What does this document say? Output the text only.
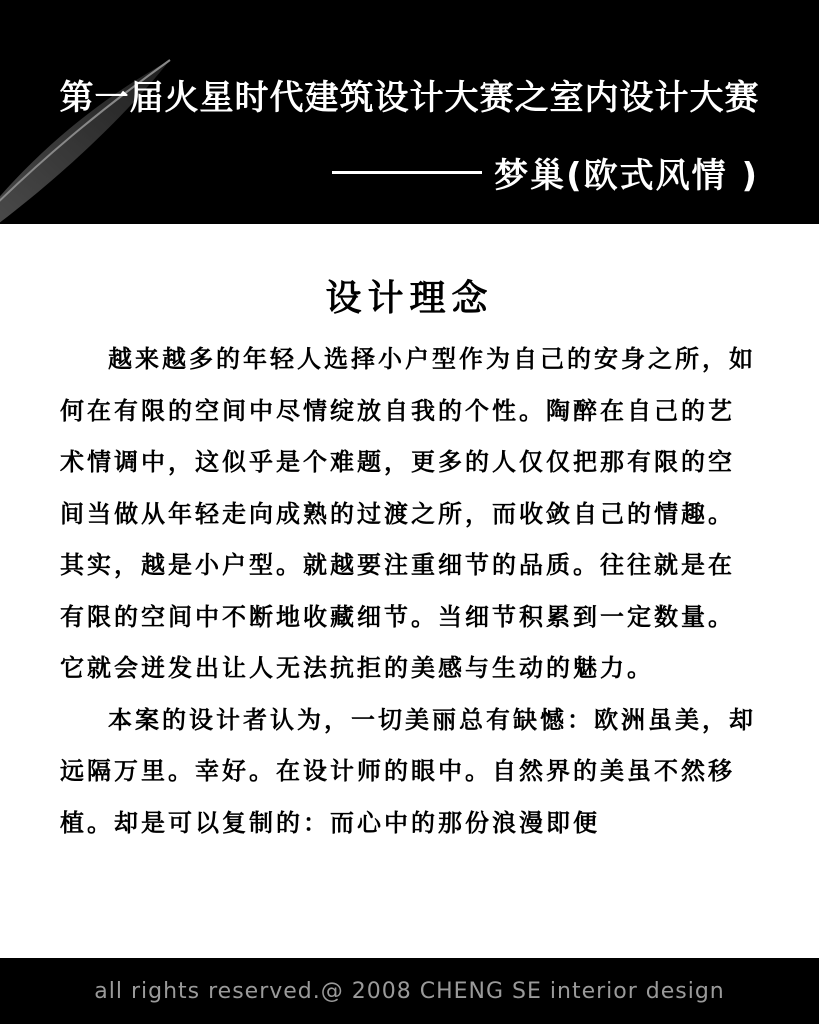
第一届火星时代建筑设计大赛之室内设计大赛
梦巢(欧式风情 )
设计理念

越来越多的年轻人选择小户型作为自己的安身之所，如何在有限的空间中尽情绽放自我的个性。陶醉在自己的艺术情调中，这似乎是个难题，更多的人仅仅把那有限的空间当做从年轻走向成熟的过渡之所，而收敛自己的情趣。其实，越是小户型。就越要注重细节的品质。往往就是在有限的空间中不断地收藏细节。当细节积累到一定数量。它就会迸发出让人无法抗拒的美感与生动的魅力。

本案的设计者认为，一切美丽总有缺憾：欧洲虽美，却远隔万里。幸好。在设计师的眼中。自然界的美虽不然移植。却是可以复制的：而心中的那份浪漫即便

all rights reserved.@ 2008 CHENG SE interior design
